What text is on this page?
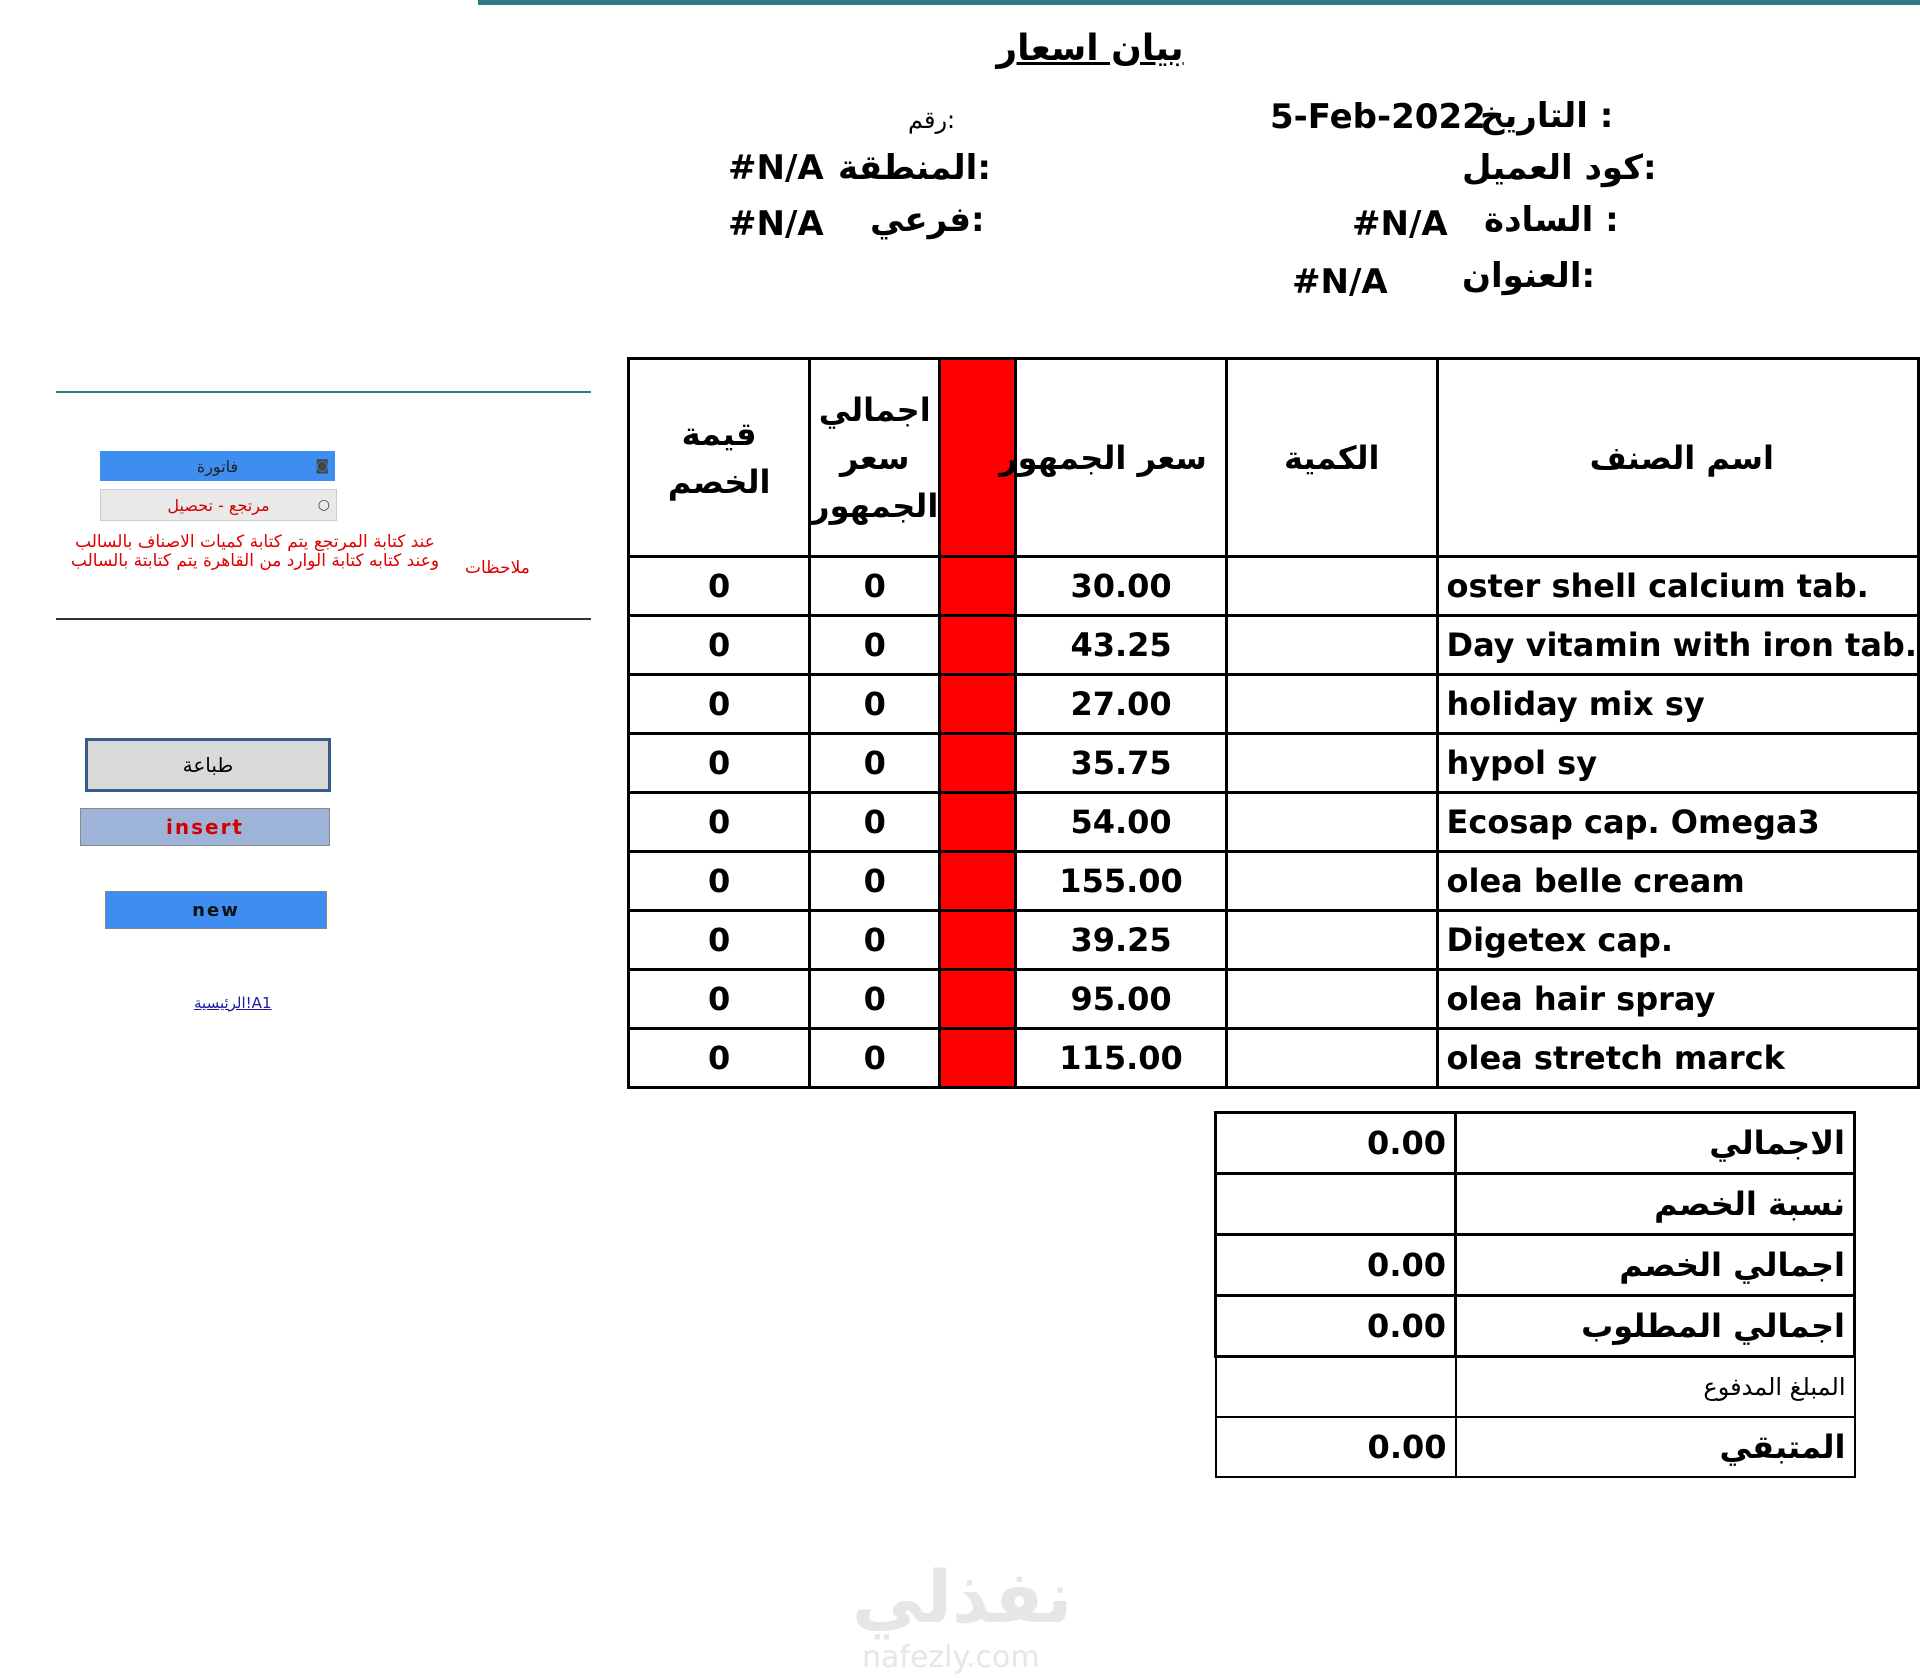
بيان اسعار
التاريخ :
5-Feb-2022
رقم:
كود العميل:
المنطقة:
#N/A
السادة :
#N/A
فرعي:
#N/A
العنوان:
#N/A
فاتورة	◙
مرتجع - تحصيل	○
عند كتابة المرتجع يتم كتابة كميات الاصناف بالسالب وعند كتابه كتابة الوارد من القاهرة يتم كتابتة بالسالب ملاحظات
طباعة
insert
new
الرئيسية!A1
قيمة الخصم	اجمالي سعر الجمهور		سعر الجمهور	الكمية	اسم الصنف
0	0		30.00		oster shell calcium tab.
0	0		43.25		Day vitamin with iron tab.
0	0		27.00		holiday mix sy
0	0		35.75		hypol sy
0	0		54.00		Ecosap cap. Omega3
0	0		155.00		olea belle cream
0	0		39.25		Digetex cap.
0	0		95.00		olea hair spray
0	0		115.00		olea stretch marck
0.00	الاجمالي
	نسبة الخصم
0.00	اجمالي الخصم
0.00	اجمالي المطلوب
	المبلغ المدفوع
0.00	المتبقي
نفذلي
nafezly.com
